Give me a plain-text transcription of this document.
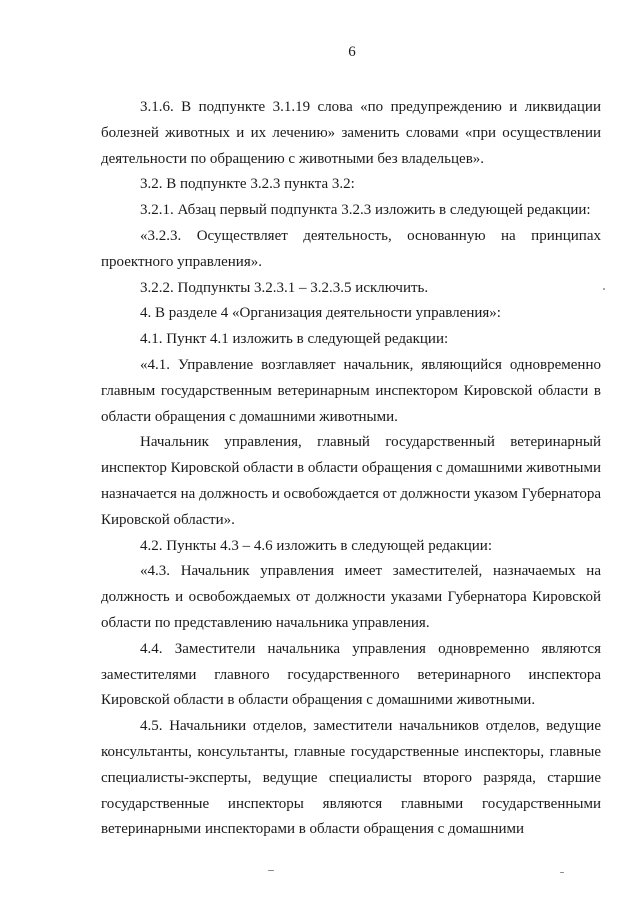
6

3.1.6. В подпункте 3.1.19 слова «по предупреждению и ликвидации болезней животных и их лечению» заменить словами «при осуществлении деятельности по обращению с животными без владельцев».

3.2. В подпункте 3.2.3 пункта 3.2:

3.2.1. Абзац первый подпункта 3.2.3 изложить в следующей редакции:

«3.2.3. Осуществляет деятельность, основанную на принципах проектного управления».

3.2.2. Подпункты 3.2.3.1 – 3.2.3.5 исключить.

4. В разделе 4 «Организация деятельности управления»:

4.1. Пункт 4.1 изложить в следующей редакции:

«4.1. Управление возглавляет начальник, являющийся одновременно главным государственным ветеринарным инспектором Кировской области в области обращения с домашними животными.

Начальник управления, главный государственный ветеринарный инспектор Кировской области в области обращения с домашними животными назначается на должность и освобождается от должности указом Губернатора Кировской области».

4.2. Пункты 4.3 – 4.6 изложить в следующей редакции:

«4.3. Начальник управления имеет заместителей, назначаемых на должность и освобождаемых от должности указами Губернатора Кировской области по представлению начальника управления.

4.4. Заместители начальника управления одновременно являются заместителями главного государственного ветеринарного инспектора Кировской области в области обращения с домашними животными.

4.5. Начальники отделов, заместители начальников отделов, ведущие консультанты, консультанты, главные государственные инспекторы, главные специалисты-эксперты, ведущие специалисты второго разряда, старшие государственные инспекторы являются главными государственными ветеринарными инспекторами в области обращения с домашними
